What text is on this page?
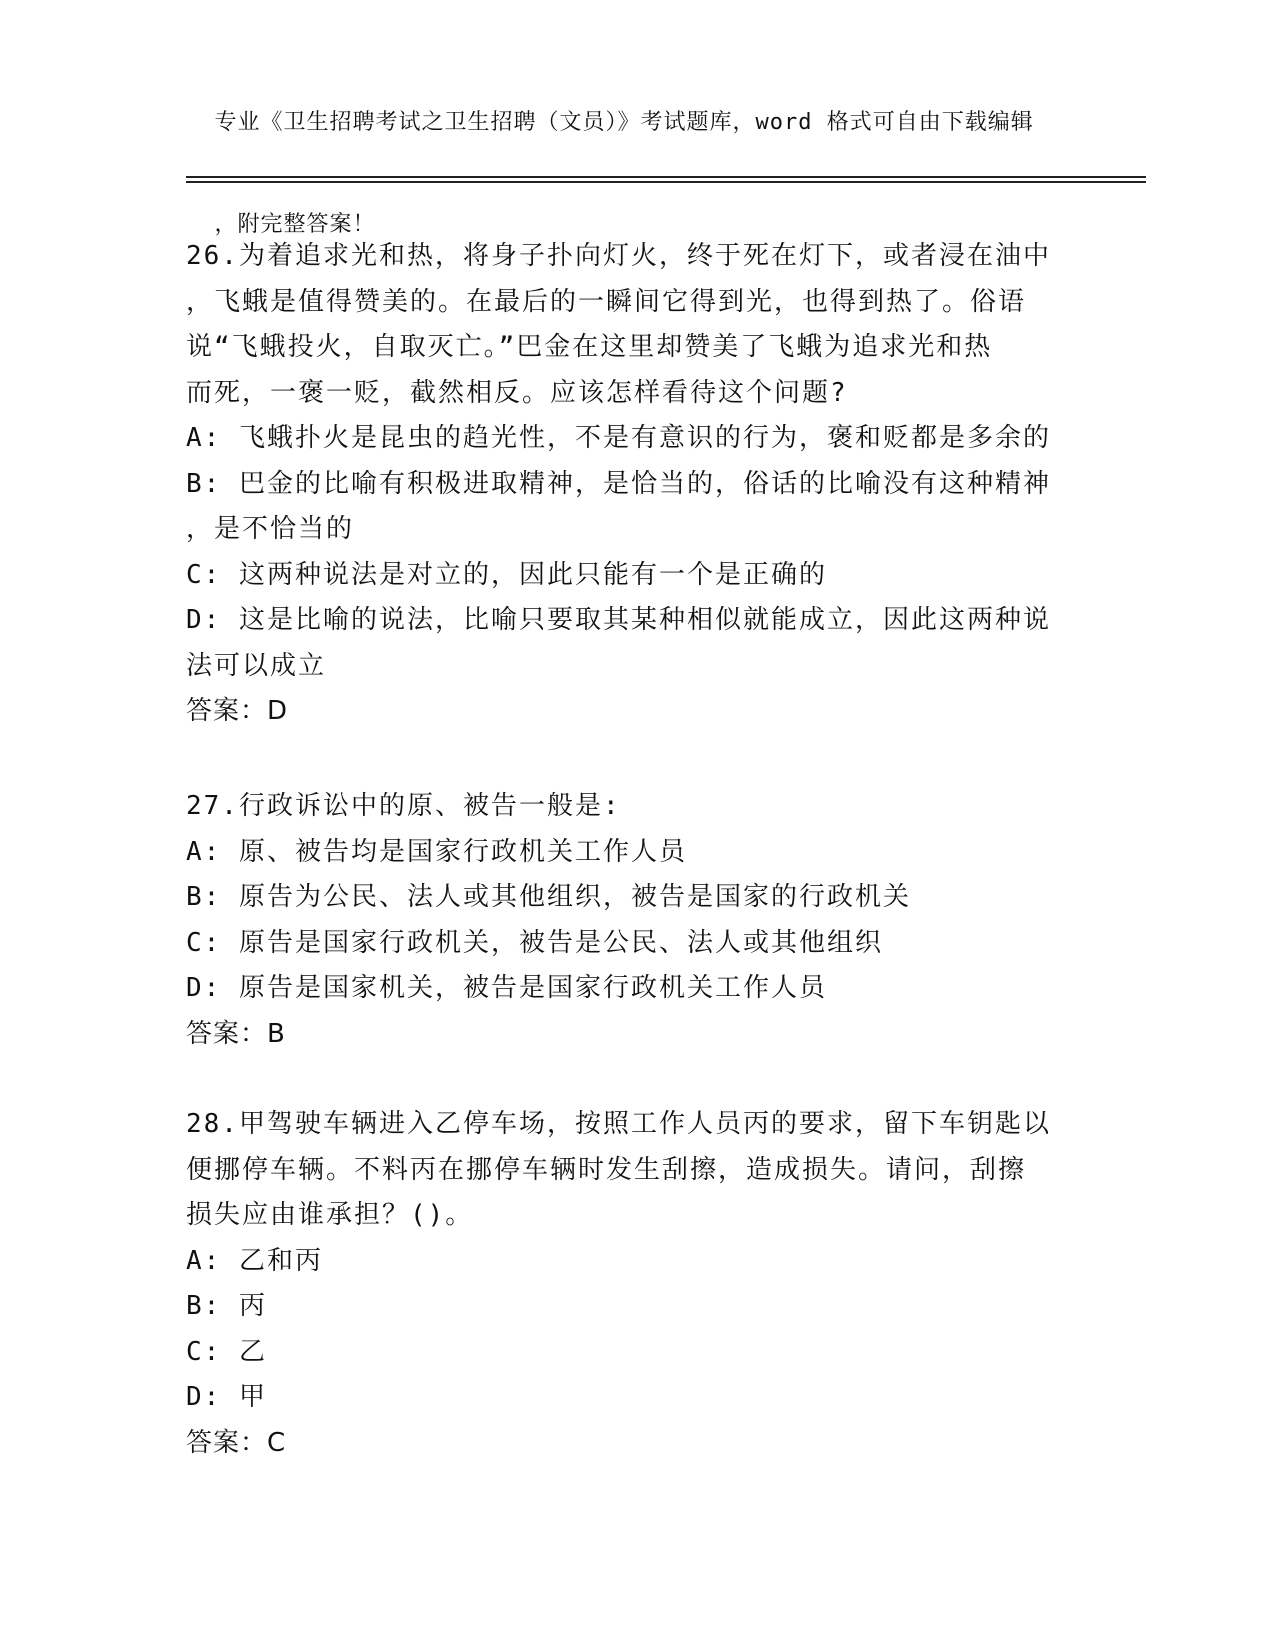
专业《卫生招聘考试之卫生招聘（文员）》考试题库，word 格式可自由下载编辑

，附完整答案！

26.为着追求光和热，将身子扑向灯火，终于死在灯下，或者浸在油中
，飞蛾是值得赞美的。在最后的一瞬间它得到光，也得到热了。俗语
说“飞蛾投火，自取灭亡。”巴金在这里却赞美了飞蛾为追求光和热
而死，一褒一贬，截然相反。应该怎样看待这个问题?
A: 飞蛾扑火是昆虫的趋光性，不是有意识的行为，褒和贬都是多余的
B: 巴金的比喻有积极进取精神，是恰当的，俗话的比喻没有这种精神
，是不恰当的
C: 这两种说法是对立的，因此只能有一个是正确的
D: 这是比喻的说法，比喻只要取其某种相似就能成立，因此这两种说
法可以成立
答案：D
27.行政诉讼中的原、被告一般是:
A: 原、被告均是国家行政机关工作人员
B: 原告为公民、法人或其他组织，被告是国家的行政机关
C: 原告是国家行政机关，被告是公民、法人或其他组织
D: 原告是国家机关，被告是国家行政机关工作人员
答案：B
28.甲驾驶车辆进入乙停车场，按照工作人员丙的要求，留下车钥匙以
便挪停车辆。不料丙在挪停车辆时发生刮擦，造成损失。请问，刮擦
损失应由谁承担？()。
A: 乙和丙
B: 丙
C: 乙
D: 甲
答案：C
